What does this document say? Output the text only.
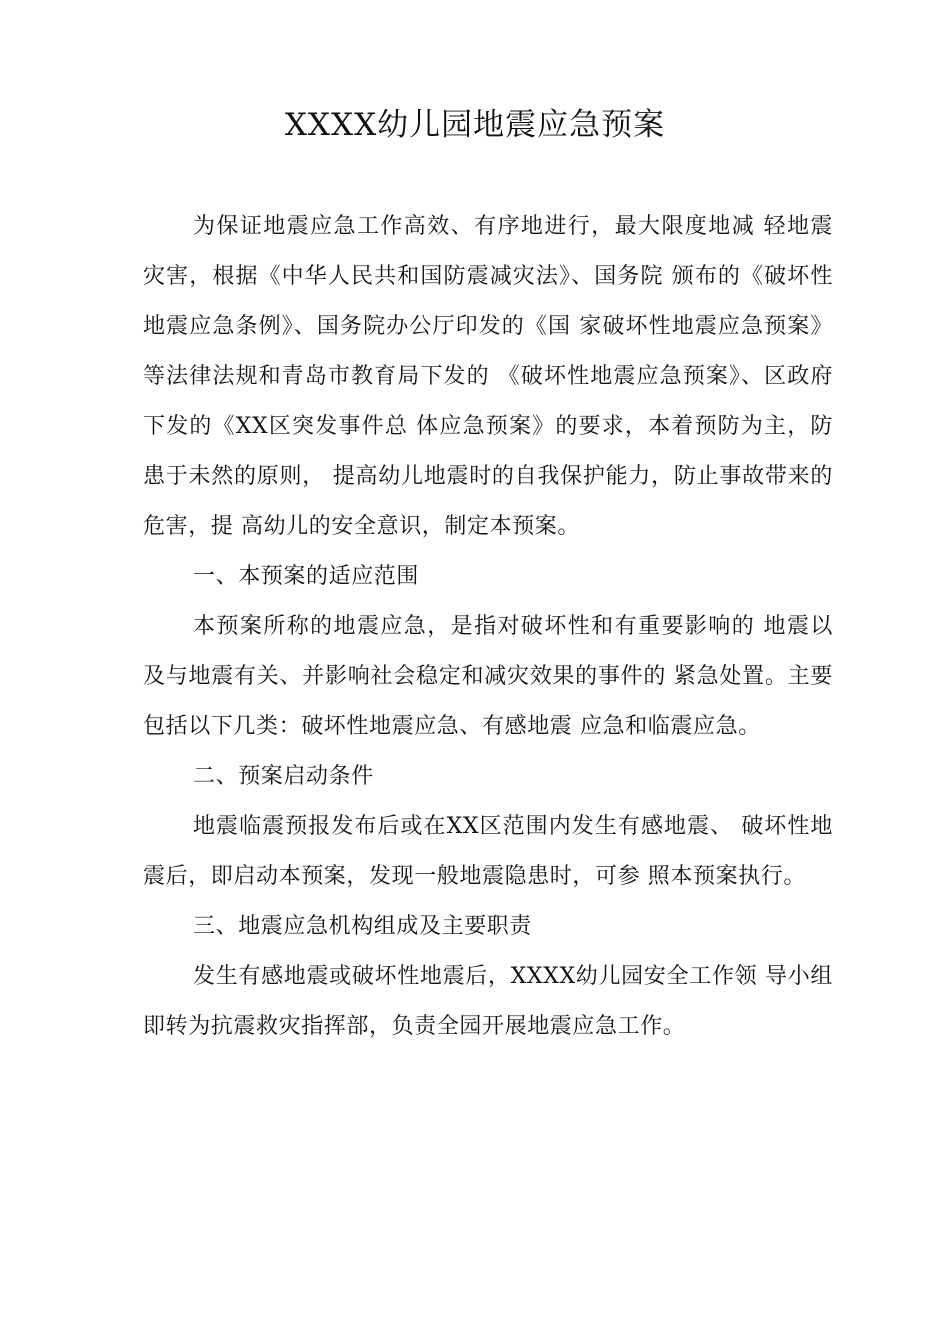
XXXX幼儿园地震应急预案

为保证地震应急工作高效、有序地进行，最大限度地减 轻地震灾害，根据《中华人民共和国防震减灾法》、国务院 颁布的《破坏性地震应急条例》、国务院办公厅印发的《国 家破坏性地震应急预案》等法律法规和青岛市教育局下发的 《破坏性地震应急预案》、区政府下发的《XX区突发事件总 体应急预案》的要求，本着预防为主，防患于未然的原则， 提高幼儿地震时的自我保护能力，防止事故带来的危害，提 高幼儿的安全意识，制定本预案。

一、本预案的适应范围

本预案所称的地震应急，是指对破坏性和有重要影响的 地震以及与地震有关、并影响社会稳定和减灾效果的事件的 紧急处置。主要包括以下几类：破坏性地震应急、有感地震 应急和临震应急。

二、预案启动条件

地震临震预报发布后或在XX区范围内发生有感地震、 破坏性地震后，即启动本预案，发现一般地震隐患时，可参 照本预案执行。

三、地震应急机构组成及主要职责

发生有感地震或破坏性地震后，XXXX幼儿园安全工作领 导小组即转为抗震救灾指挥部，负责全园开展地震应急工作。
